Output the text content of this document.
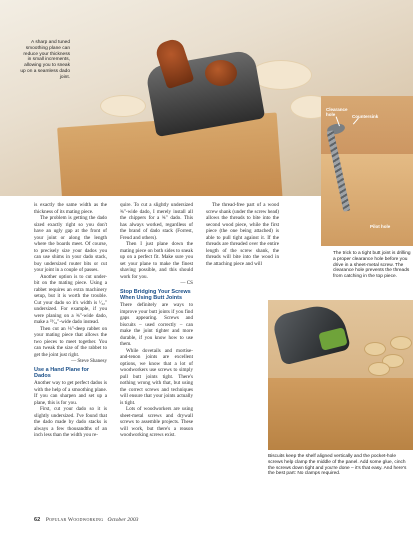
A sharp and tuned smoothing plane can reduce your thickness in small increments, allowing you to sneak up on a seamless dado joint.

Clearance hole	Countersink

Pilot hole

The trick to a tight butt joint is drilling a proper clearance hole before you drive in a sheet-metal screw. The clearance hole prevents the threads from catching in the top piece.

Biscuits keep the shelf aligned vertically and the pocket-hole screws help clamp the middle of the panel. Add some glue, cinch the screws down tight and you're done – it's that easy. And here's the best part: No clamps required.

is exactly the same width as the thickness of its mating piece.

The problem is getting the dado sized exactly right so you don't have an ugly gap at the front of your joint or along the length where the boards meet. Of course, to precisely size your dados you can use shims in your dado stack, buy undersized router bits or cut your joint in a couple of passes.

Another option is to cut under-bit on the mating piece. Using a rabbet requires an extra machinery setup, but it is worth the trouble. Cut your dado so it's width is ¹⁄₃₂" undersized. For example, if you were planing on a ¾"-wide dado, make a ²³⁄₃₂"-wide dado instead.

Then cut an ⅛"-deep rabbet on your mating piece that allows the two pieces to meet together. You can tweak the size of the rabbet to get the joint just right.

— Steve Shanesy

Use a Hand Plane for Dados

Another way to get perfect dados is with the help of a smoothing plane. If you can sharpen and set up a plane, this is for you.

First, cut your dado so it is slightly undersized. I've found that the dado made by dado stacks is always a few thousandths of an inch less than the width you re-

quire. To cut a slightly undersized ¾"-wide dado, I merely install all the chippers for a ¾" dado. This has always worked, regardless of the brand of dado stack (Forrest, Freud and others).

Then I just plane down the mating piece on both sides to sneak up on a perfect fit. Make sure you set your plane to make the finest shaving possible, and this should work for you.

— CS

Stop Bridging Your Screws When Using Butt Joints

There definitely are ways to improve your butt joints if you find gaps appearing. Screws and biscuits – used correctly – can make the joint tighter and more durable, if you know how to use them.

While dovetails and mortise-and-tenon joints are excellent options, we know that a lot of woodworkers use screws to simply pull butt joints tight. There's nothing wrong with that, but using the correct screws and techniques will ensure that your joints actually is tight.

Lots of woodworkers are using sheet-metal screws and drywall screws to assemble projects. These will work, but there's a reason woodworking screws exist.

The thread-free part of a wood screw shank (under the screw head) allows the threads to bite into the second wood piece, while the first piece (the one being attached) is able to pull tight against it. If the threads are threaded over the entire length of the screw shank, the threads will bite into the wood in the attaching piece and will

62 Popular Woodworking October 2003
